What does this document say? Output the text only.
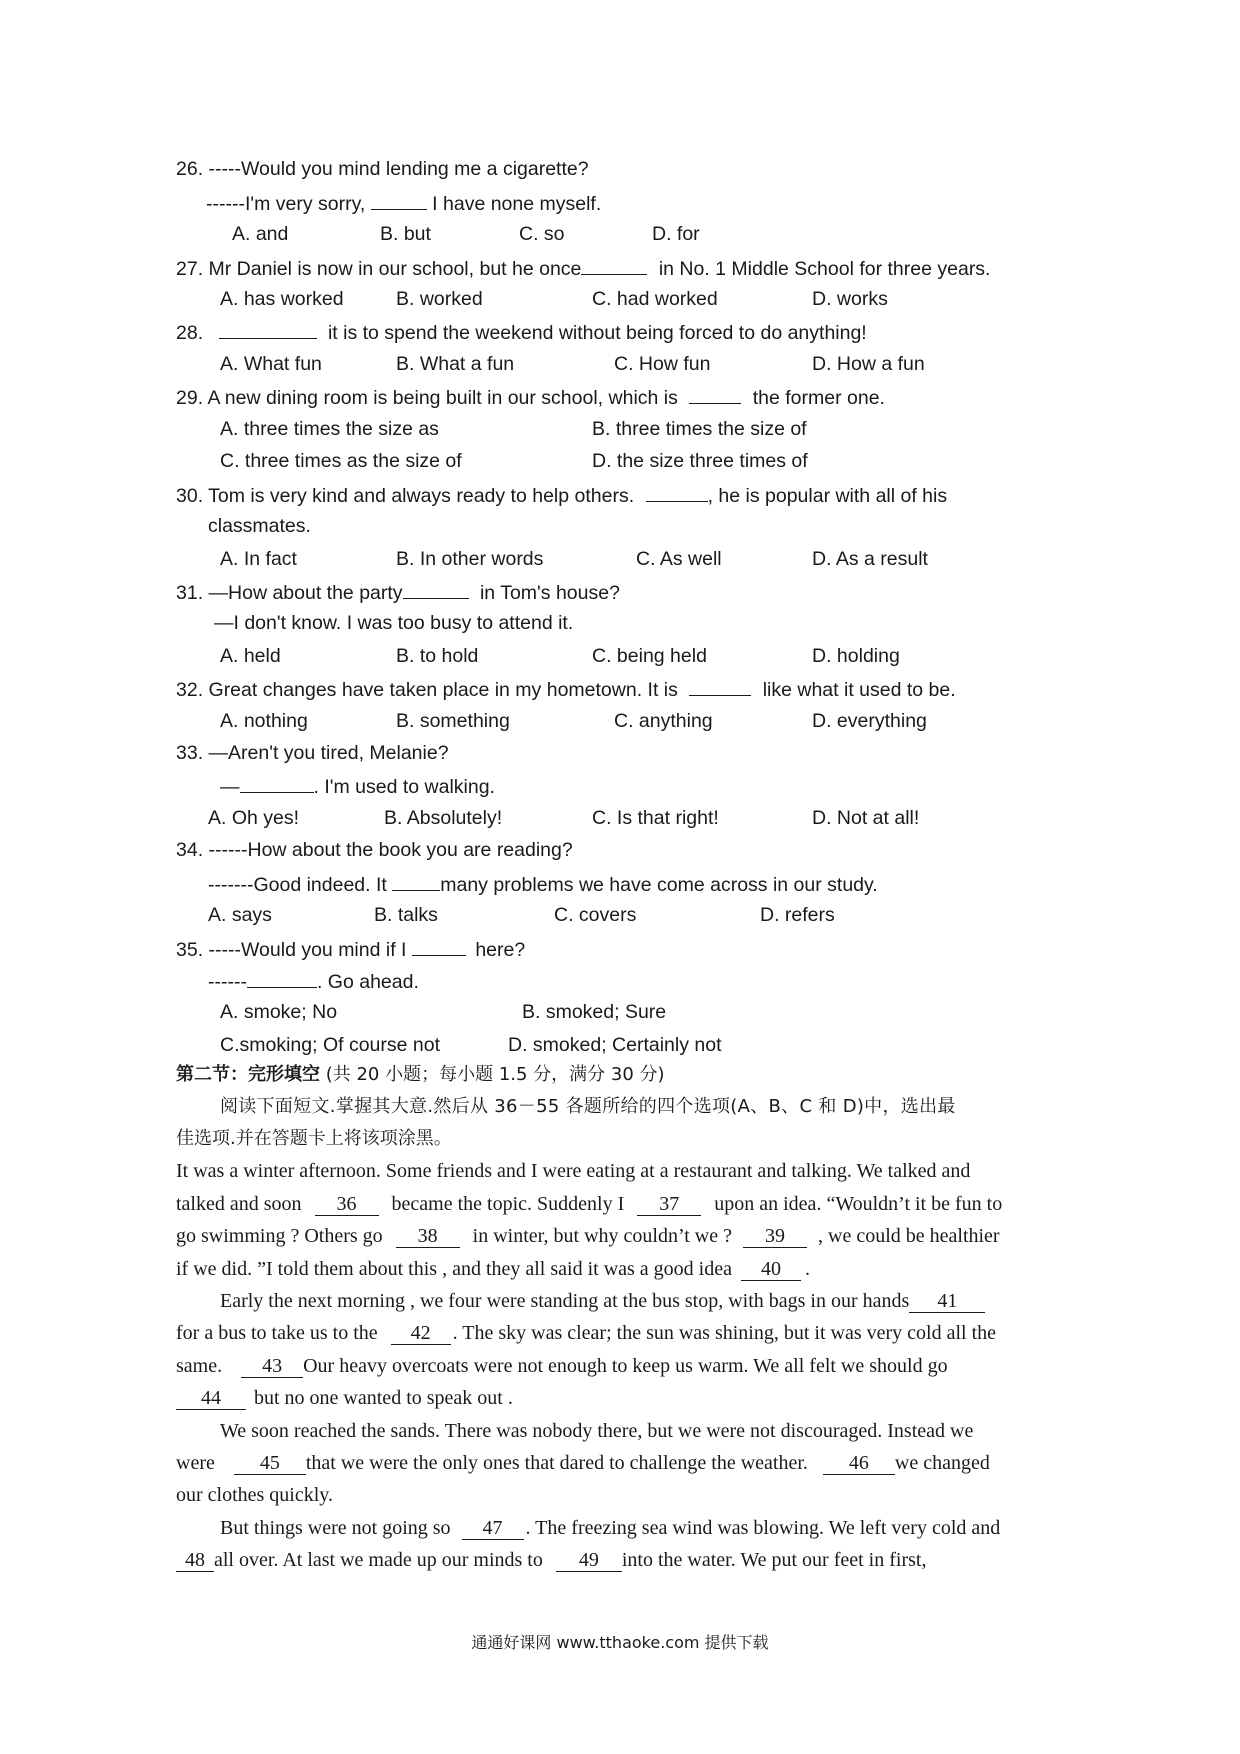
26. -----Would you mind lending me a cigarette?
------I'm very sorry,	I have none myself.
A. and	B. but	C. so	D. for
27. Mr Daniel is now in our school, but he once	in No. 1 Middle School for three years.
A. has worked	B. worked	C. had worked	D. works
28.	it is to spend the weekend without being forced to do anything!
A. What fun	B. What a fun	C. How fun	D. How a fun
29. A new dining room is being built in our school, which is	the former one.
A. three times the size as	B. three times the size of
C. three times as the size of	D. the size three times of
30. Tom is very kind and always ready to help others.	, he is popular with all of his
classmates.
A. In fact	B. In other words	C. As well	D. As a result
31. —How about the party	in Tom's house?
—I don't know. I was too busy to attend it.
A. held	B. to hold	C. being held	D. holding
32. Great changes have taken place in my hometown. It is	like what it used to be.
A. nothing	B. something	C. anything	D. everything
33. —Aren't you tired, Melanie?
—	. I'm used to walking.
A. Oh yes!	B. Absolutely!	C. Is that right!	D. Not at all!
34. ------How about the book you are reading?
-------Good indeed. It	many problems we have come across in our study.
A. says	B. talks	C. covers	D. refers
35. -----Would you mind if I	here?
------	. Go ahead.
A. smoke; No	B. smoked; Sure
C.smoking; Of course not	D. smoked; Certainly not
第二节：完形填空 (共 20 小题；每小题 1.5 分，满分 30 分)
阅读下面短文.掌握其大意.然后从 36－55 各题所给的四个选项(A、B、C 和 D)中，选出最
佳选项.并在答题卡上将该项涂黑。
It was a winter afternoon. Some friends and I were eating at a restaurant and talking. We talked and
talked and soon 36 became the topic. Suddenly I 37 upon an idea. “Wouldn’t it be fun to
go swimming ? Others go 38 in winter, but why couldn’t we ? 39 , we could be healthier
if we did. ”I told them about this , and they all said it was a good idea 40 .
Early the next morning , we four were standing at the bus stop, with bags in our hands 41
for a bus to take us to the 42 . The sky was clear; the sun was shining, but it was very cold all the
same. 43 Our heavy overcoats were not enough to keep us warm. We all felt we should go
44 but no one wanted to speak out .
We soon reached the sands. There was nobody there, but we were not discouraged. Instead we
were 45 that we were the only ones that dared to challenge the weather. 46 we changed
our clothes quickly.
But things were not going so 47 . The freezing sea wind was blowing. We left very cold and
48 all over. At last we made up our minds to 49 into the water. We put our feet in first,
通通好课网 www.tthaoke.com 提供下载
